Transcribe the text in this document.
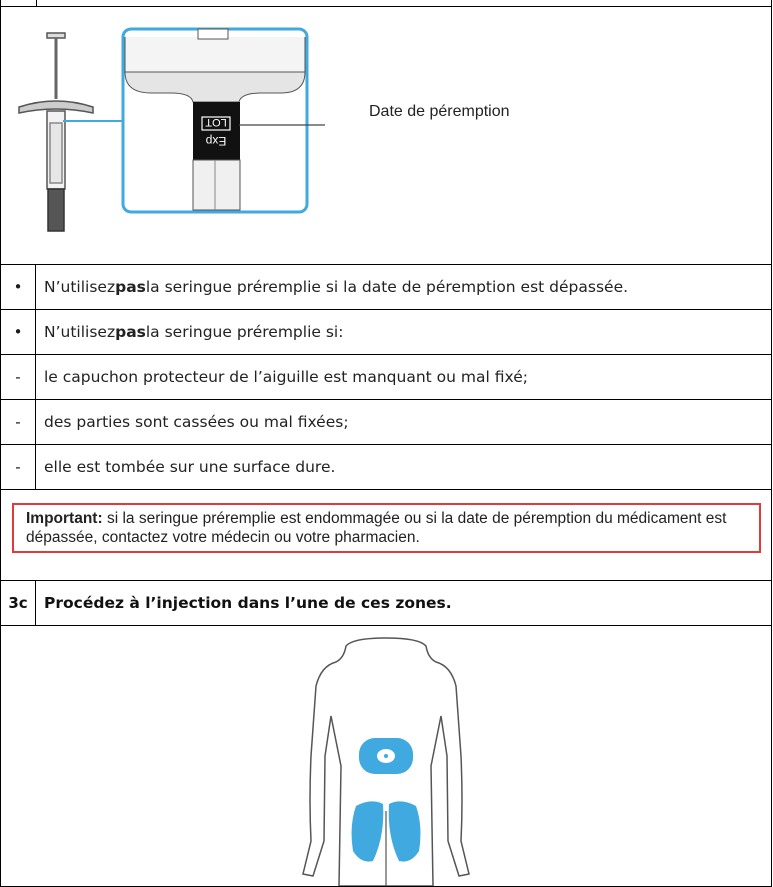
LOT
Exp
Date de péremption
•	N’utilisez pas la seringue préremplie si la date de péremption est dépassée.
•	N’utilisez pas la seringue préremplie si:
-	le capuchon protecteur de l’aiguille est manquant ou mal fixé;
-	des parties sont cassées ou mal fixées;
-	elle est tombée sur une surface dure.
Important: si la seringue préremplie est endommagée ou si la date de péremption du médicament est dépassée, contactez votre médecin ou votre pharmacien.
3c	Procédez à l’injection dans l’une de ces zones.
